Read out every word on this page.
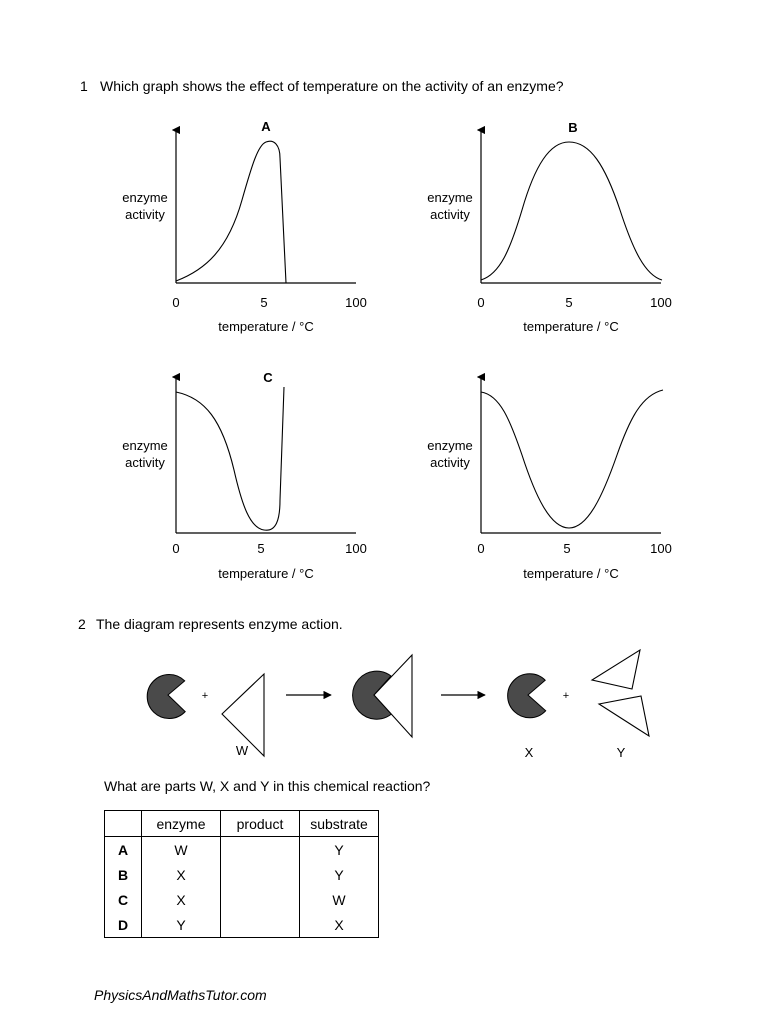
1 Which graph shows the effect of temperature on the activity of an enzyme?
A
enzyme
activity
0	5	100
temperature / °C
B
enzyme
activity
0	5	100
temperature / °C
C
enzyme
activity
0	5	100
temperature / °C
enzyme
activity
0	5	100
temperature / °C
2 The diagram represents enzyme action.
+
W
+
X	Y
What are parts W, X and Y in this chemical reaction?
	enzyme	product	substrate
A	W		Y
B	X		Y
C	X		W
D	Y		X
PhysicsAndMathsTutor.com
